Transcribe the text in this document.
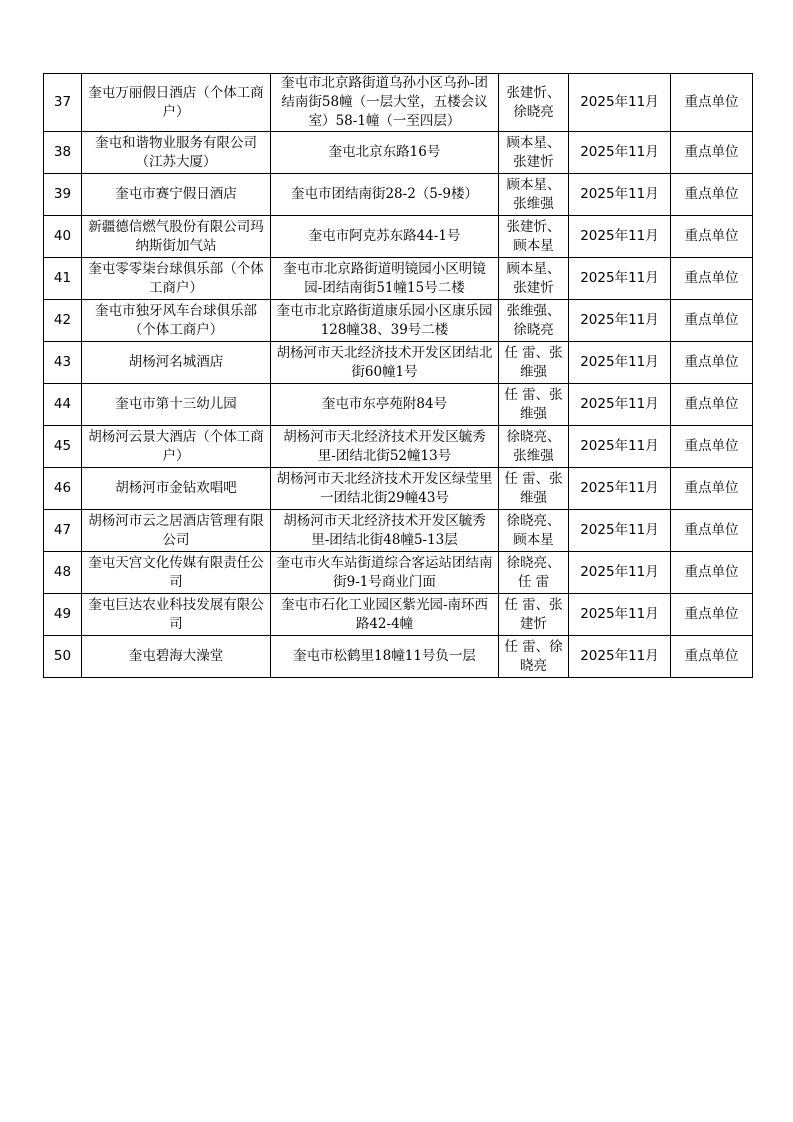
37	奎屯万丽假日酒店（个体工商户）	奎屯市北京路街道乌孙小区乌孙-团结南街58幢（一层大堂，五楼会议室）58-1幢（一至四层）	张建忻、徐晓亮	2025年11月	重点单位
38	奎屯和谐物业服务有限公司（江苏大厦）	奎屯北京东路16号	顾本星、张建忻	2025年11月	重点单位
39	奎屯市赛宁假日酒店	奎屯市团结南街28-2（5-9楼）	顾本星、张维强	2025年11月	重点单位
40	新疆德信燃气股份有限公司玛纳斯街加气站	奎屯市阿克苏东路44-1号	张建忻、顾本星	2025年11月	重点单位
41	奎屯零零柒台球俱乐部（个体工商户）	奎屯市北京路街道明镜园小区明镜园-团结南街51幢15号二楼	顾本星、张建忻	2025年11月	重点单位
42	奎屯市独牙风车台球俱乐部（个体工商户）	奎屯市北京路街道康乐园小区康乐园128幢38、39号二楼	张维强、徐晓亮	2025年11月	重点单位
43	胡杨河名城酒店	胡杨河市天北经济技术开发区团结北街60幢1号	任 雷、张维强	2025年11月	重点单位
44	奎屯市第十三幼儿园	奎屯市东亭苑附84号	任 雷、张维强	2025年11月	重点单位
45	胡杨河云景大酒店（个体工商户）	胡杨河市天北经济技术开发区毓秀里-团结北街52幢13号	徐晓亮、张维强	2025年11月	重点单位
46	胡杨河市金钻欢唱吧	胡杨河市天北经济技术开发区绿莹里一团结北街29幢43号	任 雷、张维强	2025年11月	重点单位
47	胡杨河市云之居酒店管理有限公司	胡杨河市天北经济技术开发区毓秀里-团结北街48幢5-13层	徐晓亮、顾本星	2025年11月	重点单位
48	奎屯天宫文化传媒有限责任公司	奎屯市火车站街道综合客运站团结南街9-1号商业门面	徐晓亮、任 雷	2025年11月	重点单位
49	奎屯巨达农业科技发展有限公司	奎屯市石化工业园区紫光园-南环西路42-4幢	任 雷、张建忻	2025年11月	重点单位
50	奎屯碧海大澡堂	奎屯市松鹤里18幢11号负一层	任 雷、徐晓亮	2025年11月	重点单位
